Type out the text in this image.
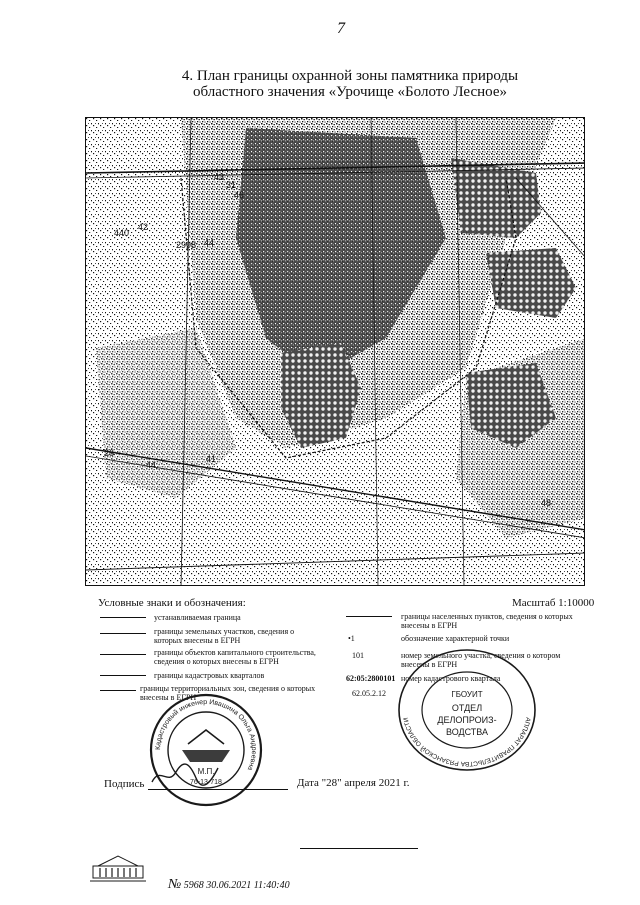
7
4. План границы охранной зоны памятника природы
областного значения «Урочище «Болото Лесное»
42
440
43
31
46
2998 44
26
41
48
44
Условные знаки и обозначения:	Масштаб 1:10000
устанавливаемая граница
границы земельных участков, сведения о которых внесены в ЕГРН
границы объектов капитального строительства, сведения о которых внесены в ЕГРН
границы кадастровых кварталов
границы территориальных зон, сведения о которых внесены в ЕГРН
границы населенных пунктов, сведения о которых внесены в ЕГРН
•1	обозначение характерной точки
101	номер земельного участка, сведения о котором внесены в ЕГРН
62:05:2800101 номер кадастрового квартала
62.05.2.12
Кадастровый инженер Ивашина Ольга Андреевна
М.П.
76-13-718
АППАРАТ ПРАВИТЕЛЬСТВА РЯЗАНСКОЙ ОБЛАСТИ
ГБОУИТ
ОТДЕЛ
ДЕЛОПРОИЗ-
ВОДСТВА
Подпись	Дата "28" апреля 2021 г.
№ 5968 30.06.2021 11:40:40
